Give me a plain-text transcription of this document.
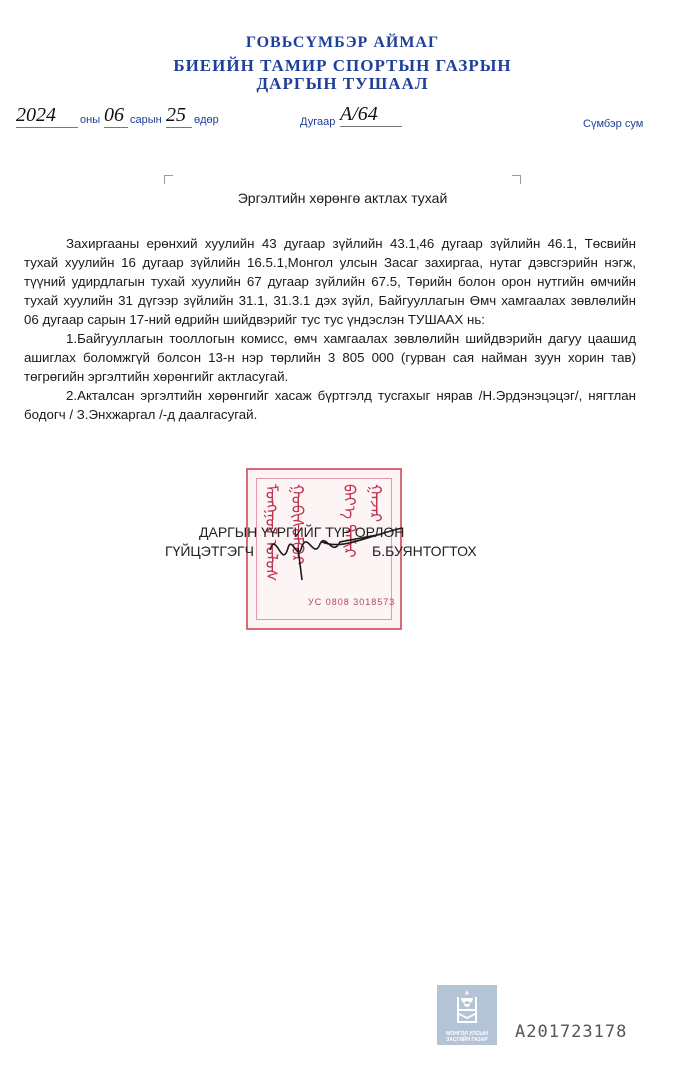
ГОВЬСҮМБЭР АЙМАГ
БИЕИЙН ТАМИР СПОРТЫН ГАЗРЫН
ДАРГЫН ТУШААЛ
2024	оны 06 сарын 25 өдөр	Дугаар А/64	Сүмбэр сум
Эргэлтийн хөрөнгө актлах тухай

Захиргааны ерөнхий хуулийн 43 дугаар зүйлийн 43.1,46 дугаар зүйлийн 46.1, Төсвийн тухай хуулийн 16 дугаар зүйлийн 16.5.1,Монгол улсын Засаг захиргаа, нутаг дэвсгэрийн нэгж, түүний удирдлагын тухай хуулийн 67 дугаар зүйлийн 67.5, Төрийн болон орон нутгийн өмчийн тухай хуулийн 31 дүгээр зүйлийн 31.1, 31.3.1 дэх зүйл, Байгууллагын Өмч хамгаалах зөвлөлийн 06 дугаар сарын 17-ний өдрийн шийдвэрийг тус тус үндэслэн ТУШААХ нь:

1.Байгууллагын тооллогын комисс, өмч хамгаалах зөвлөлийн шийдвэрийн дагуу цаашид ашиглах боломжгүй болсон 13-н нэр төрлийн 3 805 000 (гурван сая найман зуун хорин тав) төгрөгийн эргэлтийн хөрөнгийг актласугай.

2.Акталсан эргэлтийн хөрөнгийг хасаж бүртгэлд тусгахыг нярав /Н.Эрдэнэцэцэг/, нягтлан бодогч / З.Энхжаргал /-д даалгасугай.

ᠮᠣᠩᠭᠣᠯ ᠤᠯᠤᠰ ᠭᠣᠪᠢᠰᠦᠮᠪᠦᠷ ᠪᠡᠶ᠎ᠡ ᠲᠠᠮᠢᠷ ᠭᠠᠵᠠᠷ
УС 0808 3018573
ДАРГЫН ҮҮРГИЙГ ТҮР ОРЛОН
ГҮЙЦЭТГЭГЧ	Б.БУЯНТОГТОХ
МОНГОЛ УЛСЫН ЗАСГИЙН ГАЗАР	A201723178
